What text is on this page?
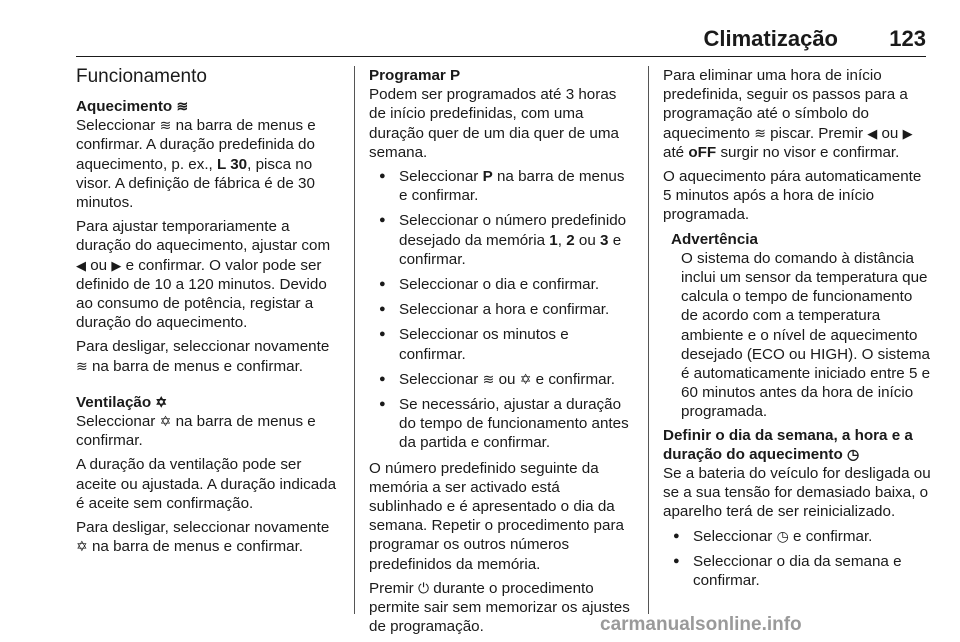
Climatização 123
Funcionamento
Aquecimento ≋

Seleccionar ≋ na barra de menus e confirmar. A duração predefinida do aquecimento, p. ex., L 30, pisca no visor. A definição de fábrica é de 30 minutos.

Para ajustar temporariamente a duração do aquecimento, ajustar com ◀ ou ▶ e confirmar. O valor pode ser definido de 10 a 120 minutos. Devido ao consumo de potência, registar a duração do aquecimento.

Para desligar, seleccionar novamente ≋ na barra de menus e confirmar.

Ventilação ✡

Seleccionar ✡ na barra de menus e confirmar.

A duração da ventilação pode ser aceite ou ajustada. A duração indicada é aceite sem confirmação.

Para desligar, seleccionar novamente ✡ na barra de menus e confirmar.

Programar P

Podem ser programados até 3 horas de início predefinidas, com uma duração quer de um dia quer de uma semana.

● Seleccionar P na barra de menus e confirmar.
● Seleccionar o número predefinido desejado da memória 1, 2 ou 3 e confirmar.
● Seleccionar o dia e confirmar.
● Seleccionar a hora e confirmar.
● Seleccionar os minutos e confirmar.
● Seleccionar ≋ ou ✡ e confirmar.
● Se necessário, ajustar a duração do tempo de funcionamento antes da partida e confirmar.

O número predefinido seguinte da memória a ser activado está sublinhado e é apresentado o dia da semana. Repetir o procedimento para programar os outros números predefinidos da memória.

Premir ⏻ durante o procedimento permite sair sem memorizar os ajustes de programação.

Para eliminar uma hora de início predefinida, seguir os passos para a programação até o símbolo do aquecimento ≋ piscar. Premir ◀ ou ▶ até oFF surgir no visor e confirmar.

O aquecimento pára automaticamente 5 minutos após a hora de início programada.

Advertência
O sistema do comando à distância inclui um sensor da temperatura que calcula o tempo de funcionamento de acordo com a temperatura ambiente e o nível de aquecimento desejado (ECO ou HIGH). O sistema é automaticamente iniciado entre 5 e 60 minutos antes da hora de início programada.
Definir o dia da semana, a hora e a duração do aquecimento ◷

Se a bateria do veículo for desligada ou se a sua tensão for demasiado baixa, o aparelho terá de ser reinicializado.

● Seleccionar ◷ e confirmar.
● Seleccionar o dia da semana e confirmar.
carmanualsonline.info
